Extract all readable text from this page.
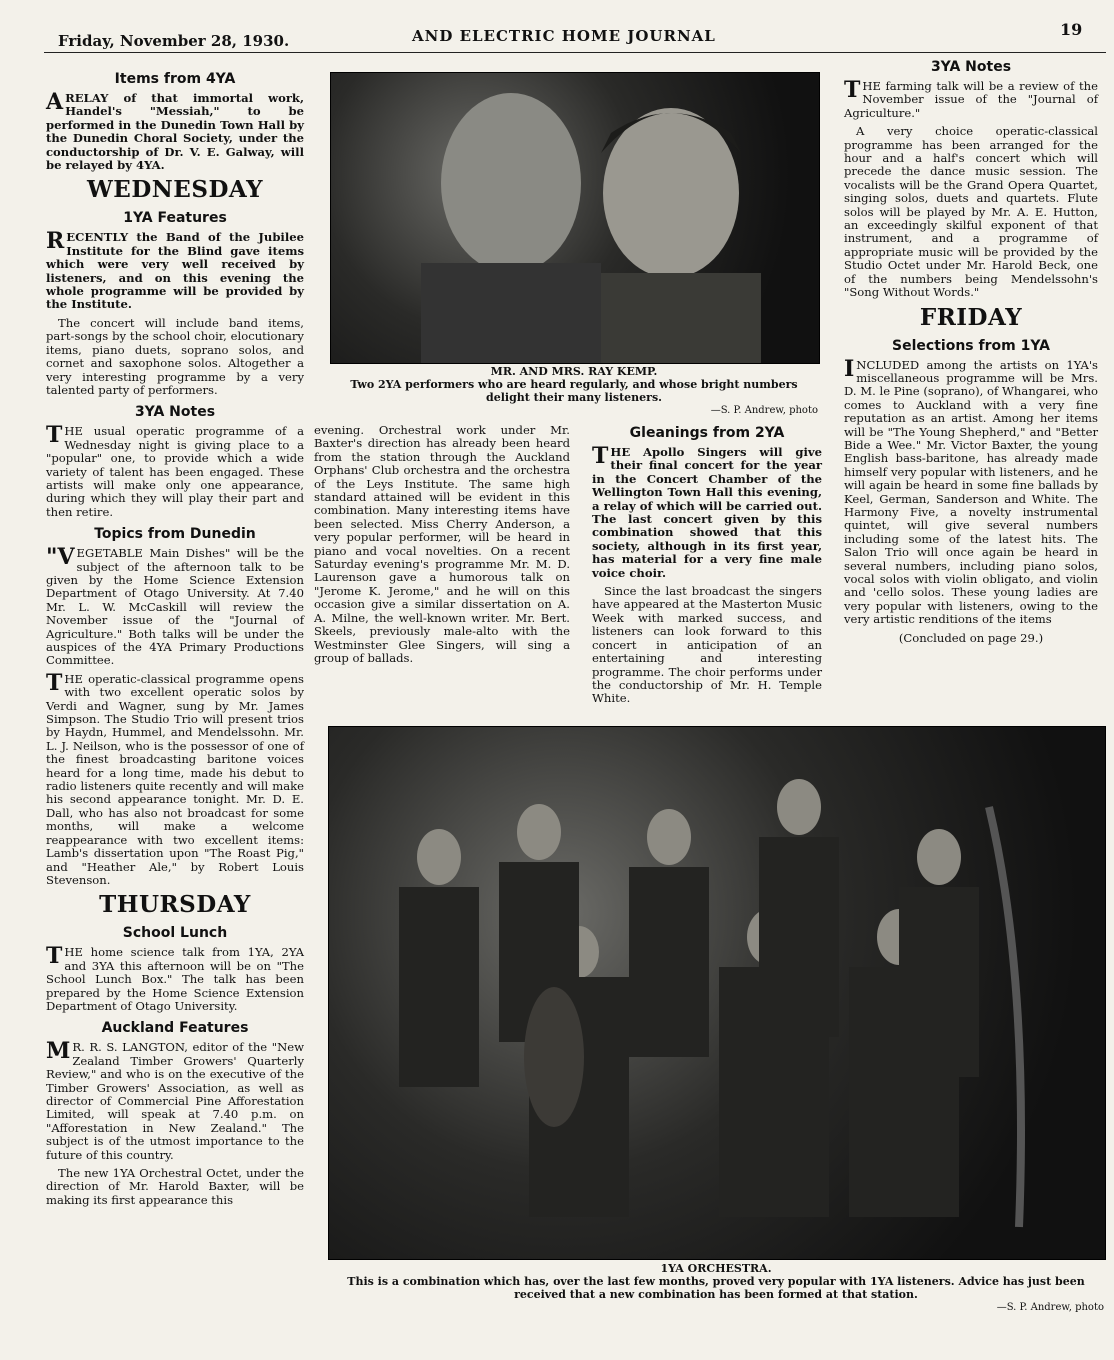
Friday, November 28, 1930.	AND ELECTRIC HOME JOURNAL	19
Items from 4YA

ARELAY of that immortal work, Handel's "Messiah," to be performed in the Dunedin Town Hall by the Dunedin Choral Society, under the conductorship of Dr. V. E. Galway, will be relayed by 4YA.

WEDNESDAY
1YA Features

RECENTLY the Band of the Jubilee Institute for the Blind gave items which were very well received by listeners, and on this evening the whole programme will be provided by the Institute.

The concert will include band items, part-songs by the school choir, elocutionary items, piano duets, soprano solos, and cornet and saxophone solos. Altogether a very interesting programme by a very talented party of performers.

3YA Notes

THE usual operatic programme of a Wednesday night is giving place to a "popular" one, to provide which a wide variety of talent has been engaged. These artists will make only one appearance, during which they will play their part and then retire.

Topics from Dunedin

"VEGETABLE Main Dishes" will be the subject of the afternoon talk to be given by the Home Science Extension Department of Otago University. At 7.40 Mr. L. W. McCaskill will review the November issue of the "Journal of Agriculture." Both talks will be under the auspices of the 4YA Primary Productions Committee.

THE operatic-classical programme opens with two excellent operatic solos by Verdi and Wagner, sung by Mr. James Simpson. The Studio Trio will present trios by Haydn, Hummel, and Mendelssohn. Mr. L. J. Neilson, who is the possessor of one of the finest broadcasting baritone voices heard for a long time, made his debut to radio listeners quite recently and will make his second appearance tonight. Mr. D. E. Dall, who has also not broadcast for some months, will make a welcome reappearance with two excellent items: Lamb's dissertation upon "The Roast Pig," and "Heather Ale," by Robert Louis Stevenson.

THURSDAY
School Lunch

THE home science talk from 1YA, 2YA and 3YA this afternoon will be on "The School Lunch Box." The talk has been prepared by the Home Science Extension Department of Otago University.

Auckland Features

M R. R. S. LANGTON, editor of the "New Zealand Timber Growers' Quarterly Review," and who is on the executive of the Timber Growers' Association, as well as director of Commercial Pine Afforestation Limited, will speak at 7.40 p.m. on "Afforestation in New Zealand." The subject is of the utmost importance to the future of this country.

The new 1YA Orchestral Octet, under the direction of Mr. Harold Baxter, will be making its first appearance this

MR. AND MRS. RAY KEMP.
Two 2YA performers who are heard regularly, and whose bright numbers delight their many listeners.
—S. P. Andrew, photo

evening. Orchestral work under Mr. Baxter's direction has already been heard from the station through the Auckland Orphans' Club orchestra and the orchestra of the Leys Institute. The same high standard attained will be evident in this combination. Many interesting items have been selected. Miss Cherry Anderson, a very popular performer, will be heard in piano and vocal novelties. On a recent Saturday evening's programme Mr. M. D. Laurenson gave a humorous talk on "Jerome K. Jerome," and he will on this occasion give a similar dissertation on A. A. Milne, the well-known writer. Mr. Bert. Skeels, previously male-alto with the Westminster Glee Singers, will sing a group of ballads.

Gleanings from 2YA

THE Apollo Singers will give their final concert for the year in the Concert Chamber of the Wellington Town Hall this evening, a relay of which will be carried out. The last concert given by this combination showed that this society, although in its first year, has material for a very fine male voice choir.

Since the last broadcast the singers have appeared at the Masterton Music Week with marked success, and listeners can look forward to this concert in anticipation of an entertaining and interesting programme. The choir performs under the conductorship of Mr. H. Temple White.

3YA Notes

THE farming talk will be a review of the November issue of the "Journal of Agriculture."

A very choice operatic-classical programme has been arranged for the hour and a half's concert which will precede the dance music session. The vocalists will be the Grand Opera Quartet, singing solos, duets and quartets. Flute solos will be played by Mr. A. E. Hutton, an exceedingly skilful exponent of that instrument, and a programme of appropriate music will be provided by the Studio Octet under Mr. Harold Beck, one of the numbers being Mendelssohn's "Song Without Words."

FRIDAY
Selections from 1YA

INCLUDED among the artists on 1YA's miscellaneous programme will be Mrs. D. M. le Pine (soprano), of Whangarei, who comes to Auckland with a very fine reputation as an artist. Among her items will be "The Young Shepherd," and "Better Bide a Wee." Mr. Victor Baxter, the young English bass-baritone, has already made himself very popular with listeners, and he will again be heard in some fine ballads by Keel, German, Sanderson and White. The Harmony Five, a novelty instrumental quintet, will give several numbers including some of the latest hits. The Salon Trio will once again be heard in several numbers, including piano solos, vocal solos with violin obligato, and violin and 'cello solos. These young ladies are very popular with listeners, owing to the very artistic renditions of the items

(Concluded on page 29.)
1YA ORCHESTRA.
This is a combination which has, over the last few months, proved very popular with 1YA listeners. Advice has just been received that a new combination has been formed at that station.
—S. P. Andrew, photo
